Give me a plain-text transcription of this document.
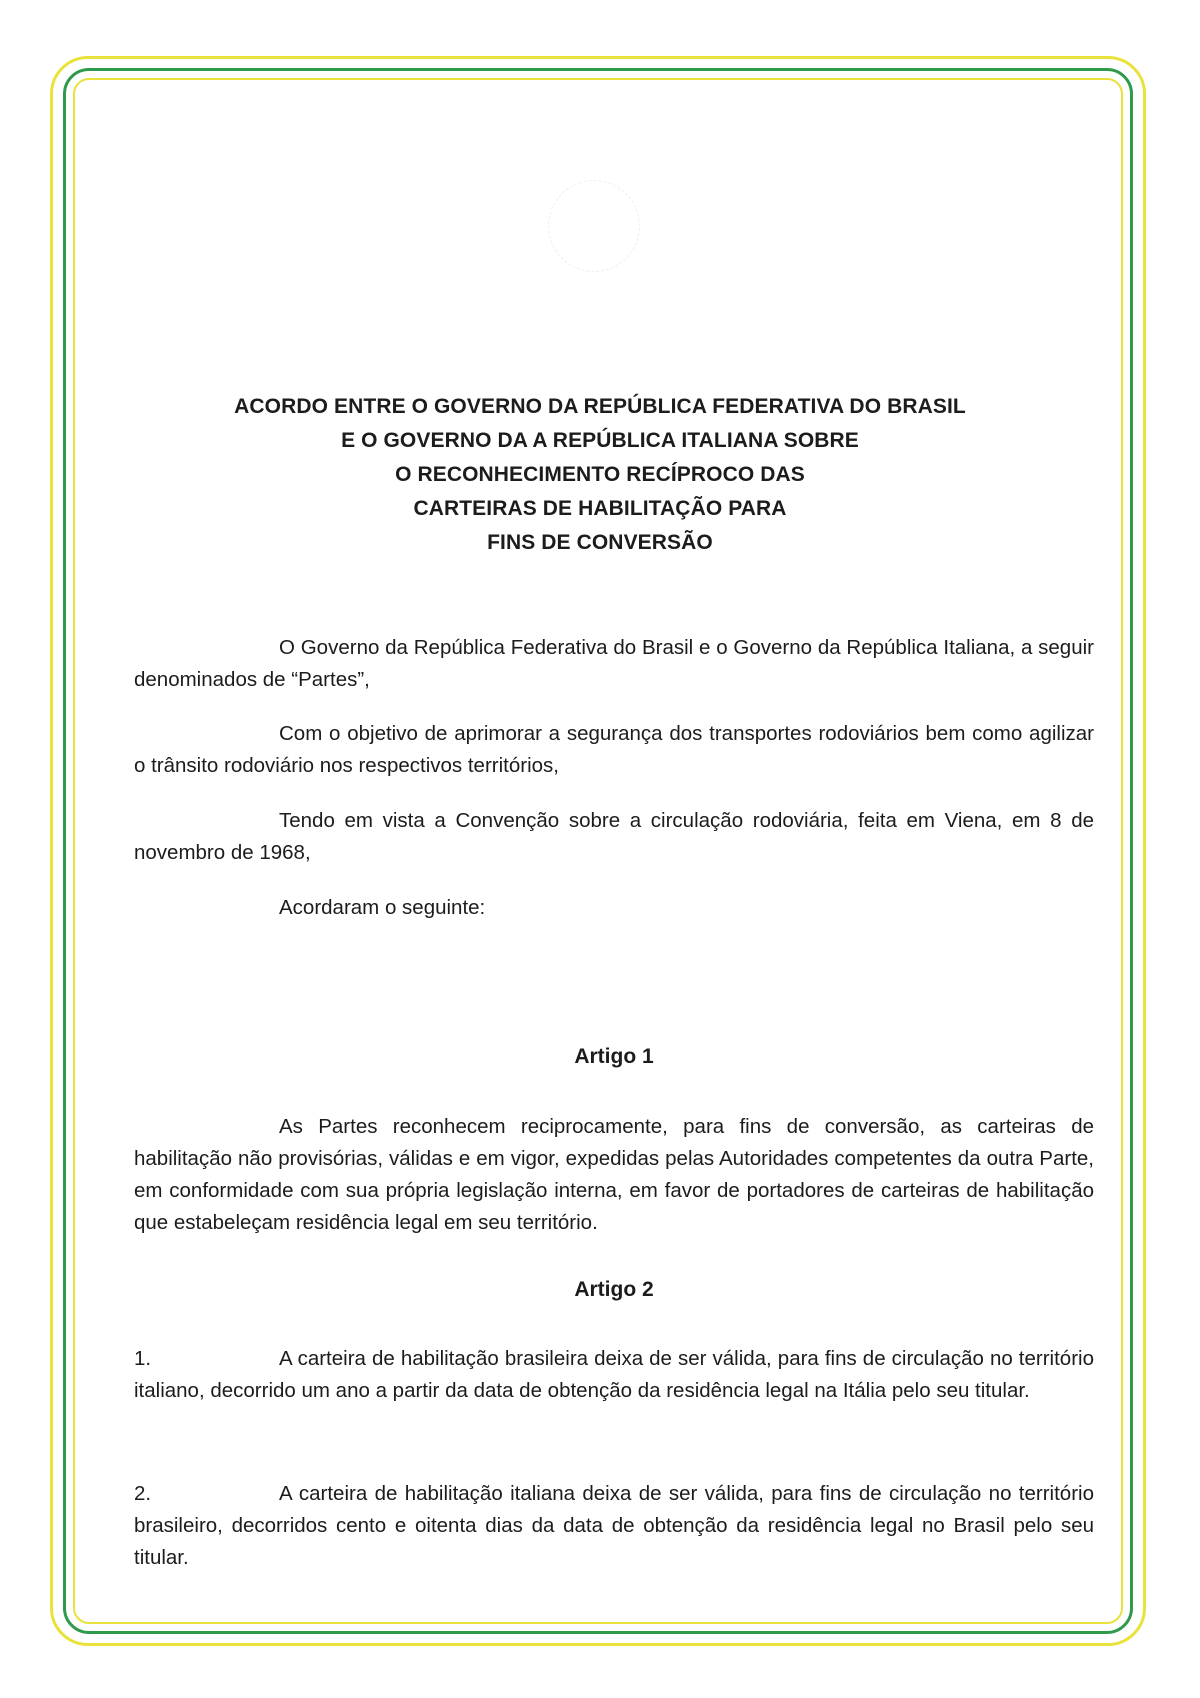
ACORDO ENTRE O GOVERNO DA REPÚBLICA FEDERATIVA DO BRASIL
E O GOVERNO DA A REPÚBLICA ITALIANA SOBRE
O RECONHECIMENTO RECÍPROCO DAS
CARTEIRAS DE HABILITAÇÃO PARA
FINS DE CONVERSÃO
O Governo da República Federativa do Brasil e o Governo da República Italiana, a seguir denominados de “Partes”,
Com o objetivo de aprimorar a segurança dos transportes rodoviários bem como agilizar o trânsito rodoviário nos respectivos territórios,
Tendo em vista a Convenção sobre a circulação rodoviária, feita em Viena, em 8 de novembro de 1968,
Acordaram o seguinte:
Artigo 1
As Partes reconhecem reciprocamente, para fins de conversão, as carteiras de habilitação não provisórias, válidas e em vigor, expedidas pelas Autoridades competentes da outra Parte, em conformidade com sua própria legislação interna, em favor de portadores de carteiras de habilitação que estabeleçam residência legal em seu território.
Artigo 2
1.	A carteira de habilitação brasileira deixa de ser válida, para fins de circulação no território italiano, decorrido um ano a partir da data de obtenção da residência legal na Itália pelo seu titular.
2.	A carteira de habilitação italiana deixa de ser válida, para fins de circulação no território brasileiro, decorridos cento e oitenta dias da data de obtenção da residência legal no Brasil pelo seu titular.
